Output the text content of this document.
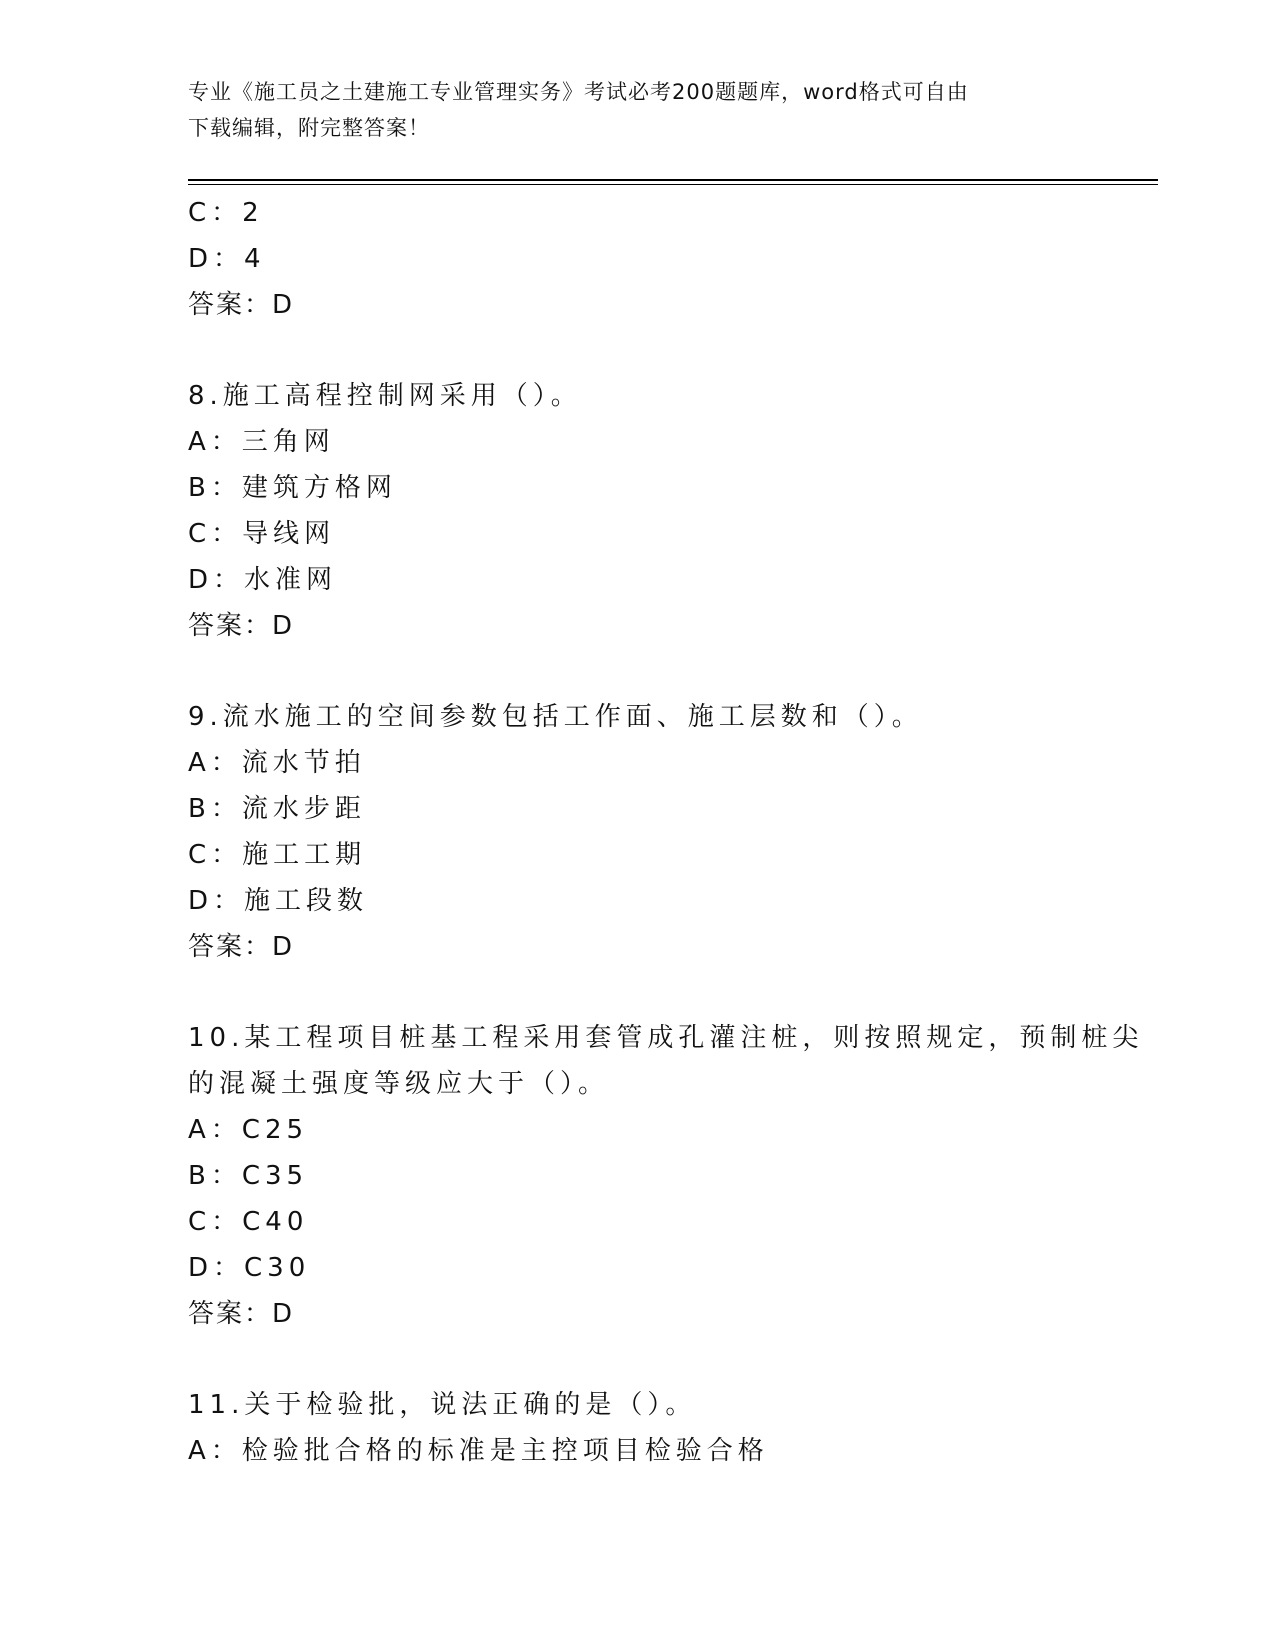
专业《施工员之土建施工专业管理实务》考试必考200题题库，word格式可自由
下载编辑，附完整答案！
C：2
D：4
答案：D
8.施工高程控制网采用（）。
A：三角网
B：建筑方格网
C：导线网
D：水准网
答案：D
9.流水施工的空间参数包括工作面、施工层数和（）。
A：流水节拍
B：流水步距
C：施工工期
D：施工段数
答案：D
10.某工程项目桩基工程采用套管成孔灌注桩，则按照规定，预制桩尖
的混凝土强度等级应大于（）。
A：C25
B：C35
C：C40
D：C30
答案：D
11.关于检验批，说法正确的是（）。
A：检验批合格的标准是主控项目检验合格
